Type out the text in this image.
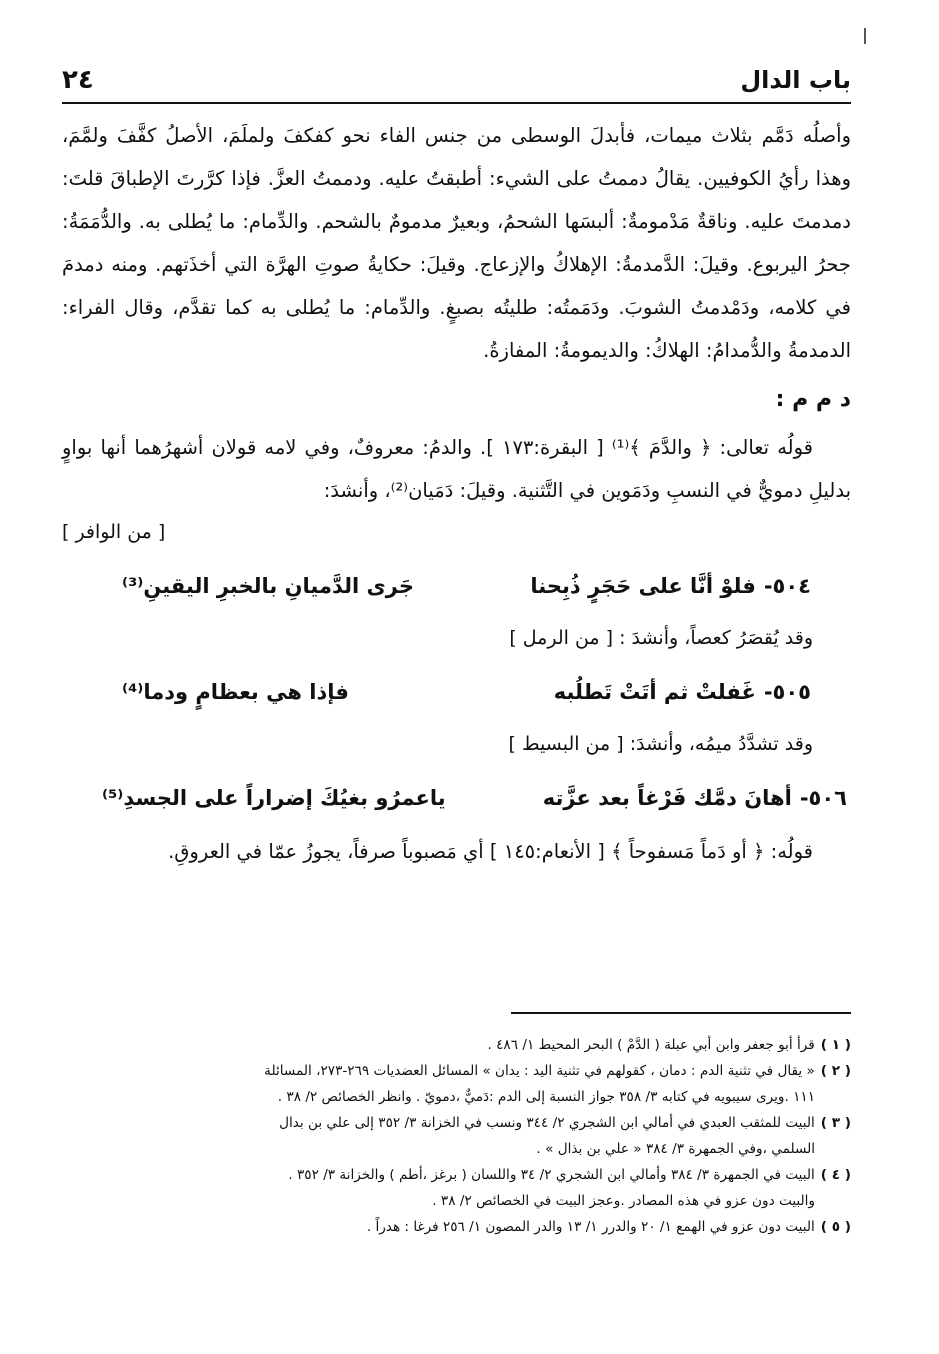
باب الدال
٢٤

وأصلُه دَمَّم بثلاث ميمات، فأبدلَ الوسطى من جنس الفاء نحو كفكفَ ولملَمَ، الأصلُ كفَّفَ ولمَّمَ، وهذا رأيُ الكوفيين. يقالُ دممتُ على الشيء: أطبقتُ عليه. ودممتُ العزَّ. فإذا كرَّرتَ الإطباقَ قلتَ: دمدمتَ عليه. وناقةٌ مَدْمومةٌ: ألبسَها الشحمُ، وبعيرٌ مدمومٌ بالشحم. والدِّمام: ما يُطلى به. والدُّمَمَةُ: جحرُ اليربوع. وقيلَ: الدَّمدمةُ: الإهلاكُ والإزعاج. وقيلَ: حكايةُ صوتِ الهرَّة التي أخذَتهم. ومنه دمدمَ في كلامه، ودَمْدمتُ الشوبَ. ودَمَمتُه: طليتُه بصبغٍ. والدِّمام: ما يُطلى به كما تقدَّم، وقال الفراء: الدمدمةُ والدُّمدامُ: الهلاكُ: والديمومةُ: المفازةُ.

د م م :

قولُه تعالى: ﴿ والدَّمَ ﴾⁽¹⁾ [ البقرة:١٧٣ ]. والدمُ: معروفٌ، وفي لامه قولان أشهرُهما أنها بواوٍ بدليلِ دمويٌّ في النسبِ ودَمَوين في التَّثنية. وقيلَ: دَمَيان⁽²⁾، وأنشدَ:

[ من الوافر ]
٥٠٤-فلوْ أنَّا على حَجَرٍ ذُبِحنا
جَرى الدَّميانِ بالخبرِ اليقينِ⁽³⁾
وقد يُقصَرُ كعصاً، وأنشدَ : [ من الرمل ]
٥٠٥-غَفلتْ ثم أتَتْ تَطلُبه
فإذا هي بعظامٍ ودما⁽⁴⁾
وقد تشدَّدُ ميمُه، وأنشدَ: [ من البسيط ]
٥٠٦-أهانَ دمَّك فَرْغاً بعد عزَّته
ياعمرُو بغيُكَ إضراراً على الجسدِ⁽⁵⁾

قولُه: ﴿ أو دَماً مَسفوحاً ﴾ [ الأنعام:١٤٥ ] أي مَصبوباً صرفاً، يجوزُ عمّا في العروقِ.

( ١ )قرأ أبو جعفر وابن أبي عبلة ( الدَّمْ ) البحر المحيط ١/ ٤٨٦ .

( ٢ )« يقال في تثنية الدم : دمان ، كقولهم في تثنية اليد : يدان » المسائل العضديات ٢٦٩-٢٧٣، المسائلة
١١١ .ويرى سيبويه في كتابه ٣/ ٣٥٨ جواز النسبة إلى الدم :دَميٌّ ،دمويّ . وانظر الخصائص ٢/ ٣٨ .

( ٣ )البيت للمثقب العبدي في أمالي ابن الشجري ٢/ ٣٤٤ ونسب في الخزانة ٣/ ٣٥٢ إلى علي بن بدال
السلمي ،وفي الجمهرة ٣/ ٣٨٤ « علي بن بذال » .

( ٤ )البيت في الجمهرة ٣/ ٣٨٤ وأمالي ابن الشجري ٢/ ٣٤ واللسان ( برغز ،أطم ) والخزانة ٣/ ٣٥٢ .
والبيت دون عزو في هذه المصادر .وعجز البيت في الخصائص ٢/ ٣٨ .

( ٥ )البيت دون عزو في الهمع ١/ ٢٠ والدرر ١/ ١٣ والدر المصون ١/ ٢٥٦ فرغا : هدراً .
